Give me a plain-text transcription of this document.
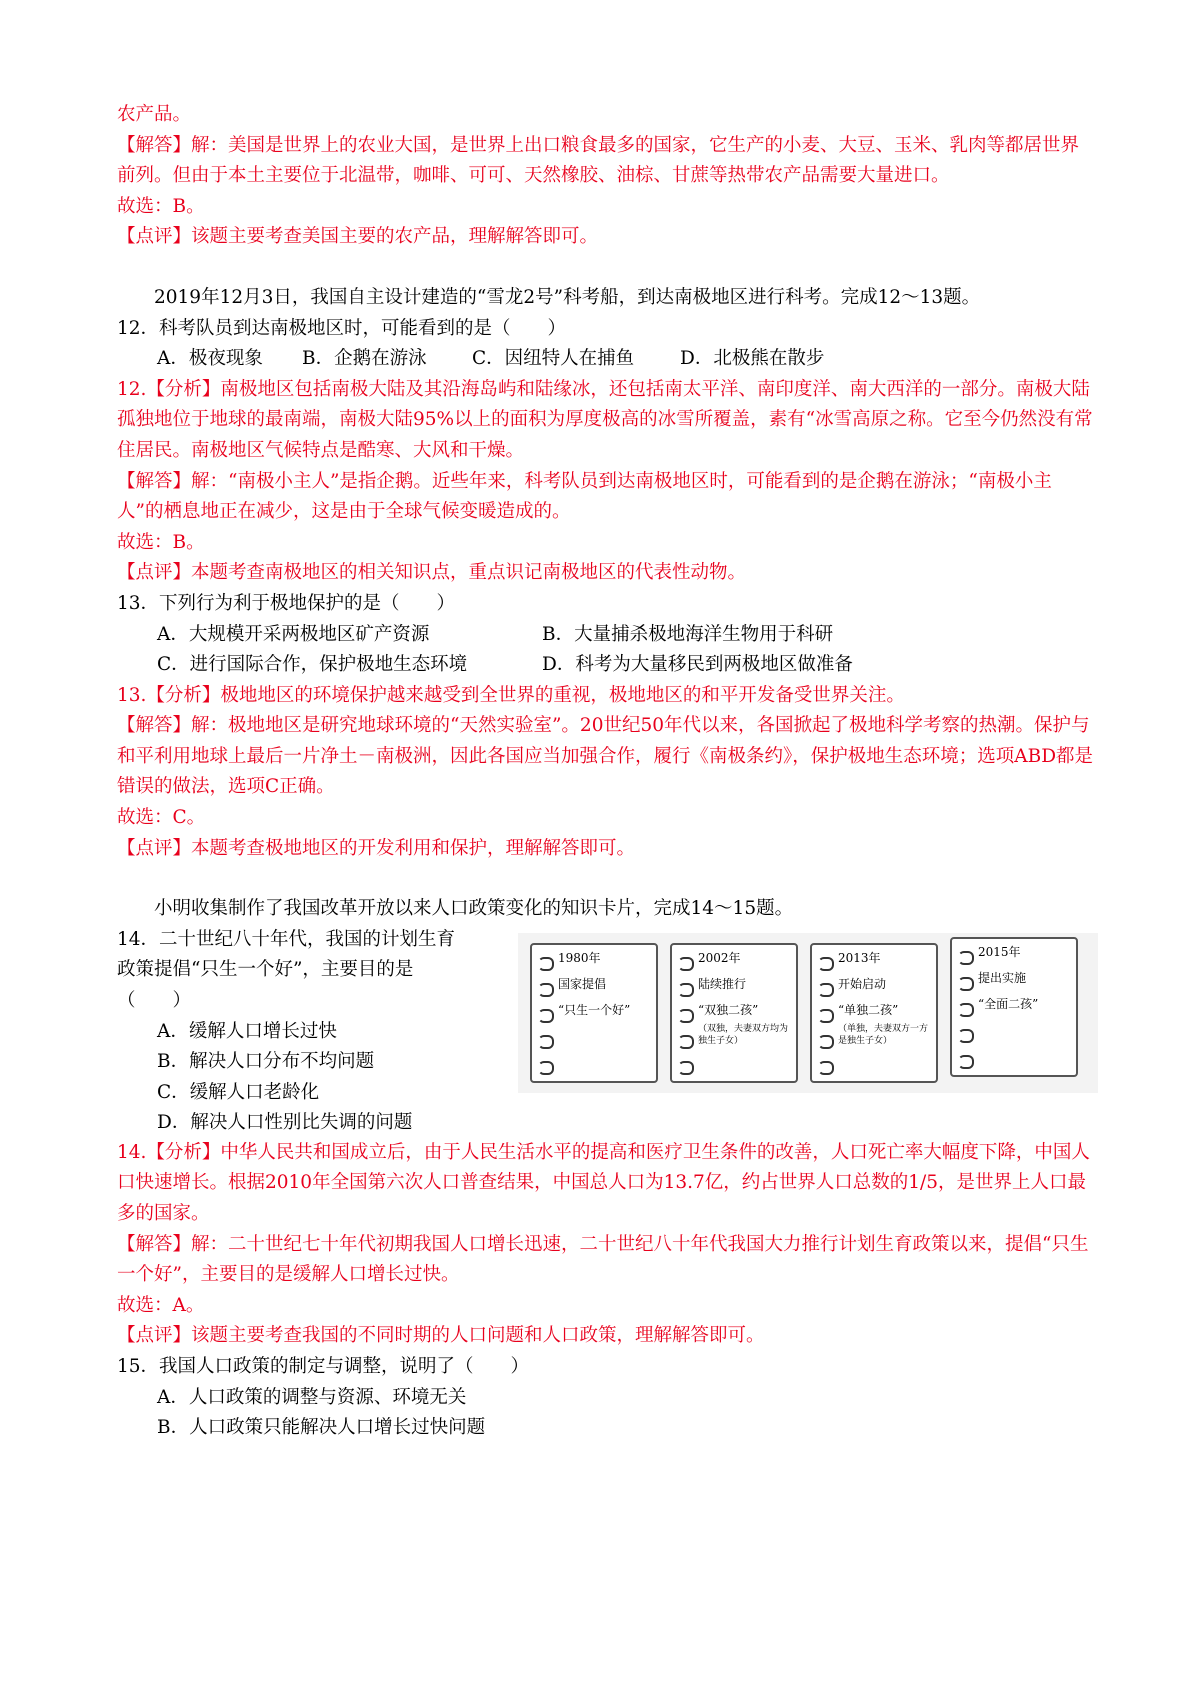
农产品。

【解答】解：美国是世界上的农业大国，是世界上出口粮食最多的国家，它生产的小麦、大豆、玉米、乳肉等都居世界前列。但由于本土主要位于北温带，咖啡、可可、天然橡胶、油棕、甘蔗等热带农产品需要大量进口。

故选：B。

【点评】该题主要考查美国主要的农产品，理解解答即可。

2019年12月3日，我国自主设计建造的“雪龙2号”科考船，到达南极地区进行科考。完成12～13题。

12．科考队员到达南极地区时，可能看到的是（　　）

A．极夜现象 B．企鹅在游泳 C．因纽特人在捕鱼 D．北极熊在散步

12.【分析】南极地区包括南极大陆及其沿海岛屿和陆缘冰，还包括南太平洋、南印度洋、南大西洋的一部分。南极大陆孤独地位于地球的最南端，南极大陆95%以上的面积为厚度极高的冰雪所覆盖，素有“冰雪高原之称。它至今仍然没有常住居民。南极地区气候特点是酷寒、大风和干燥。

【解答】解：“南极小主人”是指企鹅。近些年来，科考队员到达南极地区时，可能看到的是企鹅在游泳；“南极小主人”的栖息地正在减少，这是由于全球气候变暖造成的。

故选：B。

【点评】本题考查南极地区的相关知识点，重点识记南极地区的代表性动物。

13．下列行为利于极地保护的是（　　）

A．大规模开采两极地区矿产资源	B．大量捕杀极地海洋生物用于科研
C．进行国际合作，保护极地生态环境	D．科考为大量移民到两极地区做准备

13.【分析】极地地区的环境保护越来越受到全世界的重视，极地地区的和平开发备受世界关注。

【解答】解：极地地区是研究地球环境的“天然实验室”。20世纪50年代以来，各国掀起了极地科学考察的热潮。保护与和平利用地球上最后一片净土－南极洲，因此各国应当加强合作，履行《南极条约》，保护极地生态环境；选项ABD都是错误的做法，选项C正确。

故选：C。

【点评】本题考查极地地区的开发利用和保护，理解解答即可。

小明收集制作了我国改革开放以来人口政策变化的知识卡片，完成14～15题。

14．二十世纪八十年代，我国的计划生育

政策提倡“只生一个好”，主要目的是

（　　）

A．缓解人口增长过快

B．解决人口分布不均问题

C．缓解人口老龄化

D．解决人口性别比失调的问题

1980年

国家提倡

“只生一个好”

2002年

陆续推行

“双独二孩”

（双独，夫妻双方均为独生子女）

2013年

开始启动

“单独二孩”

（单独，夫妻双方一方是独生子女）

2015年

提出实施

“全面二孩”

14.【分析】中华人民共和国成立后，由于人民生活水平的提高和医疗卫生条件的改善，人口死亡率大幅度下降，中国人口快速增长。根据2010年全国第六次人口普查结果，中国总人口为13.7亿，约占世界人口总数的1/5，是世界上人口最多的国家。

【解答】解：二十世纪七十年代初期我国人口增长迅速，二十世纪八十年代我国大力推行计划生育政策以来，提倡“只生一个好”，主要目的是缓解人口增长过快。

故选：A。

【点评】该题主要考查我国的不同时期的人口问题和人口政策，理解解答即可。

15．我国人口政策的制定与调整，说明了（　　）

A．人口政策的调整与资源、环境无关

B．人口政策只能解决人口增长过快问题
